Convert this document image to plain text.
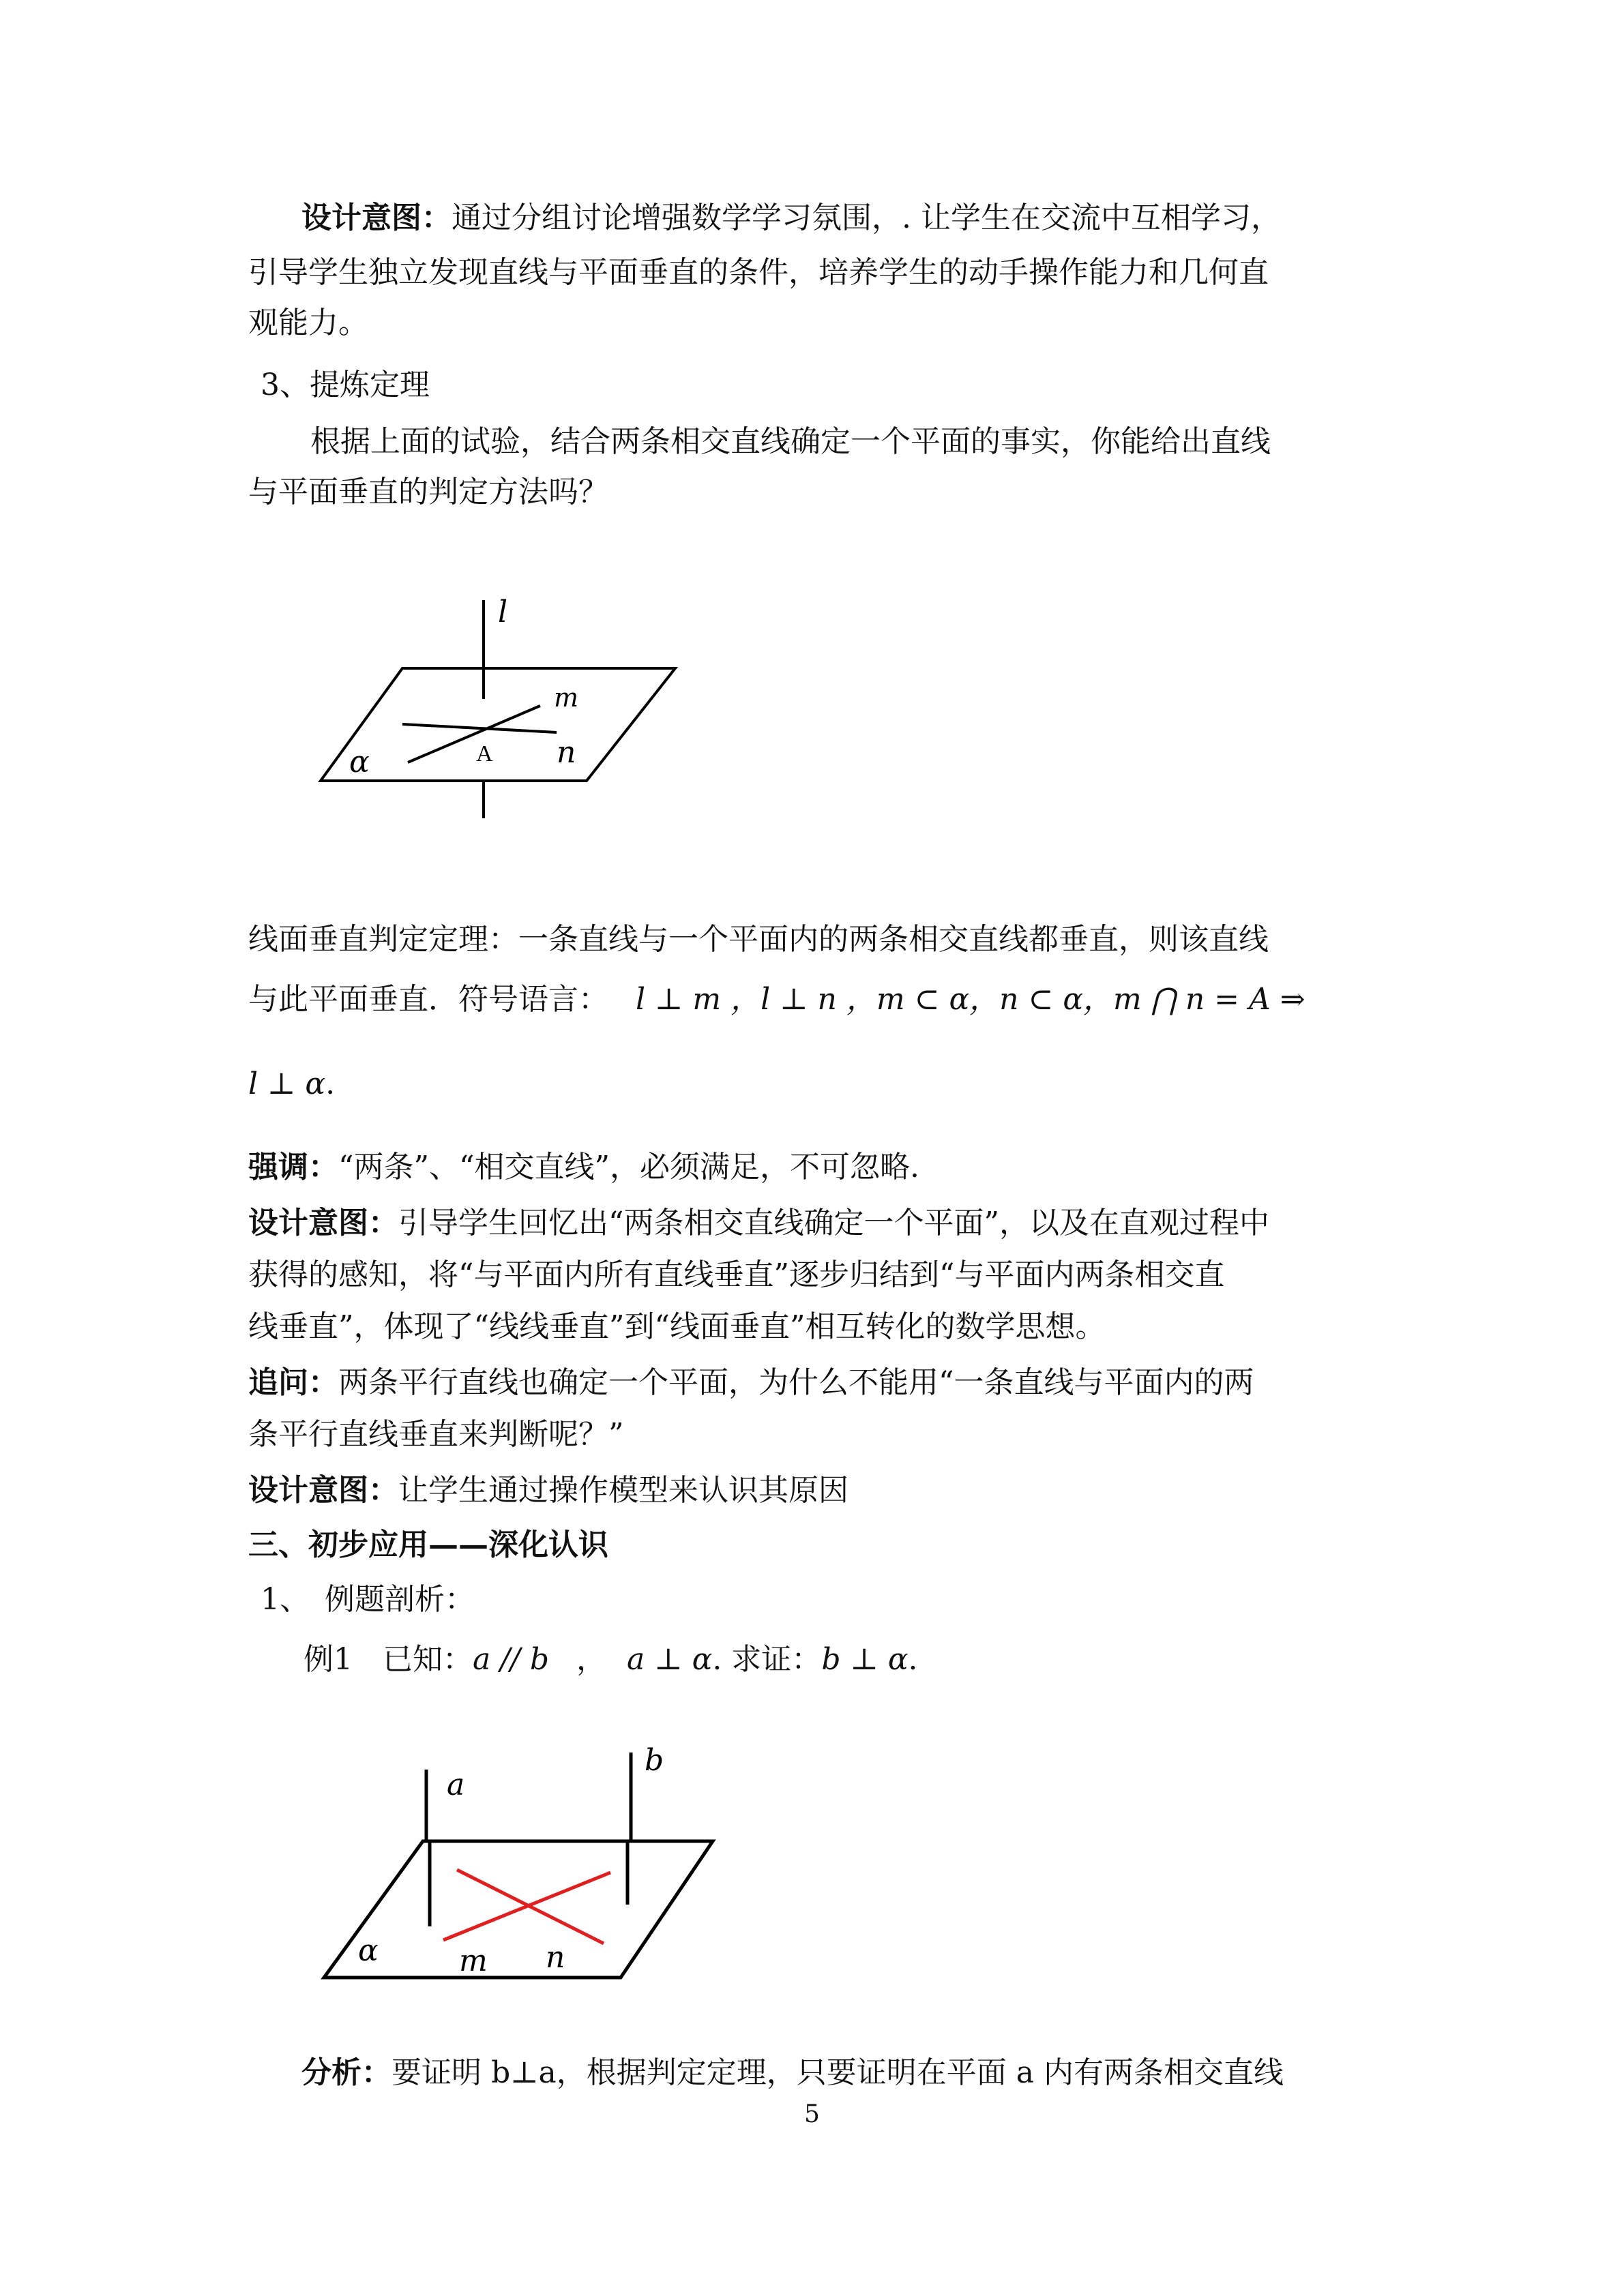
设计意图：通过分组讨论增强数学学习氛围，. 让学生在交流中互相学习，
引导学生独立发现直线与平面垂直的条件，培养学生的动手操作能力和几何直
观能力。
3、提炼定理
根据上面的试验，结合两条相交直线确定一个平面的事实，你能给出直线
与平面垂直的判定方法吗？
l
m
n
A
α
线面垂直判定定理：一条直线与一个平面内的两条相交直线都垂直，则该直线
与此平面垂直．符号语言： l ⊥ m ，l ⊥ n ，m ⊂ α，n ⊂ α，m ⋂ n = A ⇒
l ⊥ α.
强调：“两条”、“相交直线”，必须满足，不可忽略.
设计意图：引导学生回忆出“两条相交直线确定一个平面”，以及在直观过程中
获得的感知，将“与平面内所有直线垂直”逐步归结到“与平面内两条相交直
线垂直”，体现了“线线垂直”到“线面垂直”相互转化的数学思想。
追问：两条平行直线也确定一个平面，为什么不能用“一条直线与平面内的两
条平行直线垂直来判断呢？”
设计意图：让学生通过操作模型来认识其原因
三、初步应用——深化认识
1、　例题剖析：
例1　已知：a // b ， a ⊥ α. 求证：b ⊥ α.
a
b
m n
α
分析：要证明 b⊥a，根据判定定理，只要证明在平面 a 内有两条相交直线
5
